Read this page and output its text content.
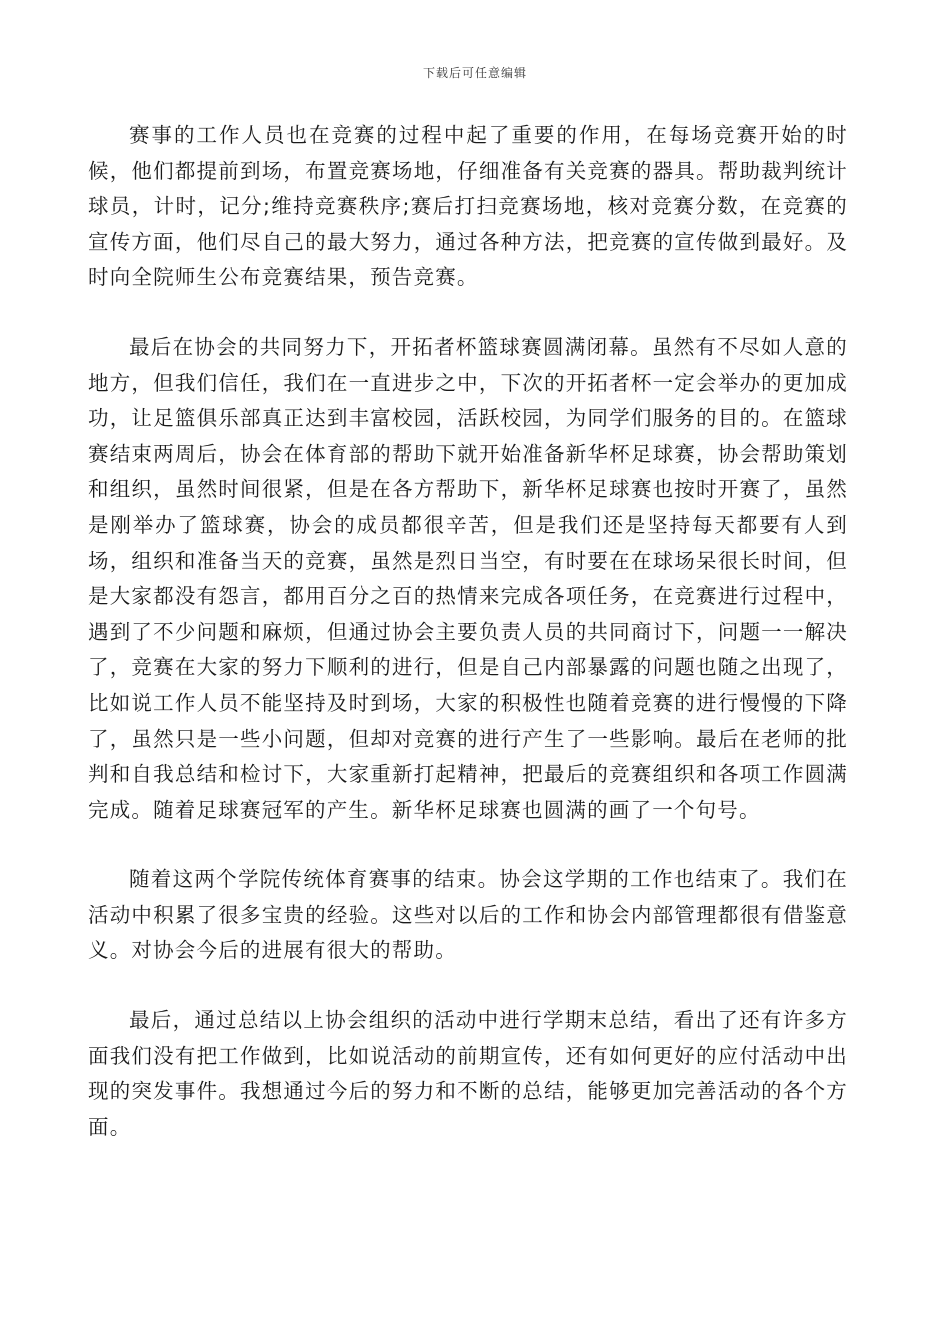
下载后可任意编辑

赛事的工作人员也在竞赛的过程中起了重要的作用，在每场竞赛开始的时候，他们都提前到场，布置竞赛场地，仔细准备有关竞赛的器具。帮助裁判统计球员，计时，记分;维持竞赛秩序;赛后打扫竞赛场地，核对竞赛分数，在竞赛的宣传方面，他们尽自己的最大努力，通过各种方法，把竞赛的宣传做到最好。及时向全院师生公布竞赛结果，预告竞赛。

最后在协会的共同努力下，开拓者杯篮球赛圆满闭幕。虽然有不尽如人意的地方，但我们信任，我们在一直进步之中，下次的开拓者杯一定会举办的更加成功，让足篮俱乐部真正达到丰富校园，活跃校园，为同学们服务的目的。在篮球赛结束两周后，协会在体育部的帮助下就开始准备新华杯足球赛，协会帮助策划和组织，虽然时间很紧，但是在各方帮助下，新华杯足球赛也按时开赛了，虽然是刚举办了篮球赛，协会的成员都很辛苦，但是我们还是坚持每天都要有人到场，组织和准备当天的竞赛，虽然是烈日当空，有时要在在球场呆很长时间，但是大家都没有怨言，都用百分之百的热情来完成各项任务，在竞赛进行过程中，遇到了不少问题和麻烦，但通过协会主要负责人员的共同商讨下，问题一一解决了，竞赛在大家的努力下顺利的进行，但是自己内部暴露的问题也随之出现了，比如说工作人员不能坚持及时到场，大家的积极性也随着竞赛的进行慢慢的下降了，虽然只是一些小问题，但却对竞赛的进行产生了一些影响。最后在老师的批判和自我总结和检讨下，大家重新打起精神，把最后的竞赛组织和各项工作圆满完成。随着足球赛冠军的产生。新华杯足球赛也圆满的画了一个句号。

随着这两个学院传统体育赛事的结束。协会这学期的工作也结束了。我们在活动中积累了很多宝贵的经验。这些对以后的工作和协会内部管理都很有借鉴意义。对协会今后的进展有很大的帮助。

最后，通过总结以上协会组织的活动中进行学期末总结，看出了还有许多方面我们没有把工作做到，比如说活动的前期宣传，还有如何更好的应付活动中出现的突发事件。我想通过今后的努力和不断的总结，能够更加完善活动的各个方面。
